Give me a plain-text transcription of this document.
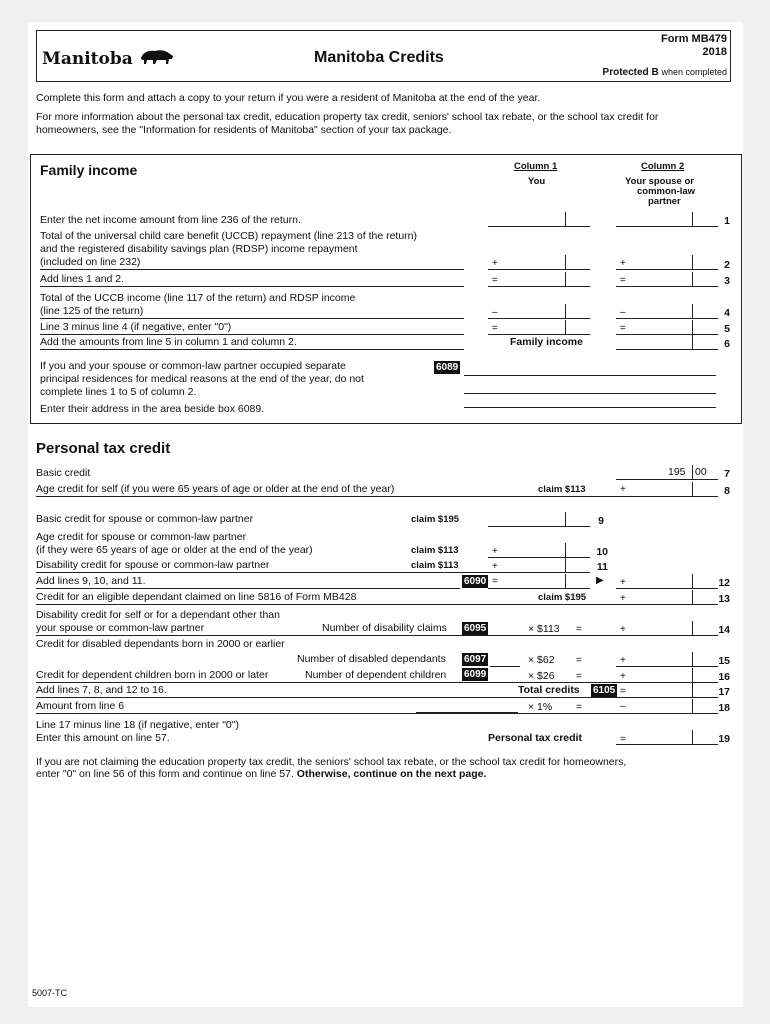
Manitoba	Manitoba Credits
Form MB479
2018
Protected B when completed
Complete this form and attach a copy to your return if you were a resident of Manitoba at the end of the year.
For more information about the personal tax credit, education property tax credit, seniors' school tax rebate, or the school tax credit for
homeowners, see the "Information for residents of Manitoba" section of your tax package.
Family income	Column 1
You
Column 2
Your spouse or
common-law
partner
Enter the net income amount from line 236 of the return.	1
Total of the universal child care benefit (UCCB) repayment (line 213 of the return)
and the registered disability savings plan (RDSP) income repayment
(included on line 232)	+	+	2
Add lines 1 and 2.	=	=	3
Total of the UCCB income (line 117 of the return) and RDSP income
(line 125 of the return)	–	–	4
Line 3 minus line 4 (if negative, enter "0")	=	=	5
Add the amounts from line 5 in column 1 and column 2.	Family income	6
If you and your spouse or common-law partner occupied separate
principal residences for medical reasons at the end of the year, do not
complete lines 1 to 5 of column 2.
Enter their address in the area beside box 6089.
6089
Personal tax credit
Basic credit	195 00	7
Age credit for self (if you were 65 years of age or older at the end of the year)	claim $113	+	8
Basic credit for spouse or common-law partner	claim $195	9
Age credit for spouse or common-law partner
(if they were 65 years of age or older at the end of the year)	claim $113	+	10
Disability credit for spouse or common-law partner	claim $113	+	11
Add lines 9, 10, and 11.	6090 =	▶ +	12
Credit for an eligible dependant claimed on line 5816 of Form MB428	claim $195	+	13
Disability credit for self or for a dependant other than
your spouse or common-law partner	Number of disability claims 6095	× $113 =	+	14
Credit for disabled dependants born in 2000 or earlier
Number of disabled dependants 6097	× $62 =	+	15
Credit for dependent children born in 2000 or later	Number of dependent children 6099	× $26 =	+	16
Add lines 7, 8, and 12 to 16.	Total credits 6105 =	17
Amount from line 6	× 1% =	–	18
Line 17 minus line 18 (if negative, enter "0")
Enter this amount on line 57.	Personal tax credit	=	19
If you are not claiming the education property tax credit, the seniors' school tax rebate, or the school tax credit for homeowners,
enter "0" on line 56 of this form and continue on line 57. Otherwise, continue on the next page.
5007-TC
